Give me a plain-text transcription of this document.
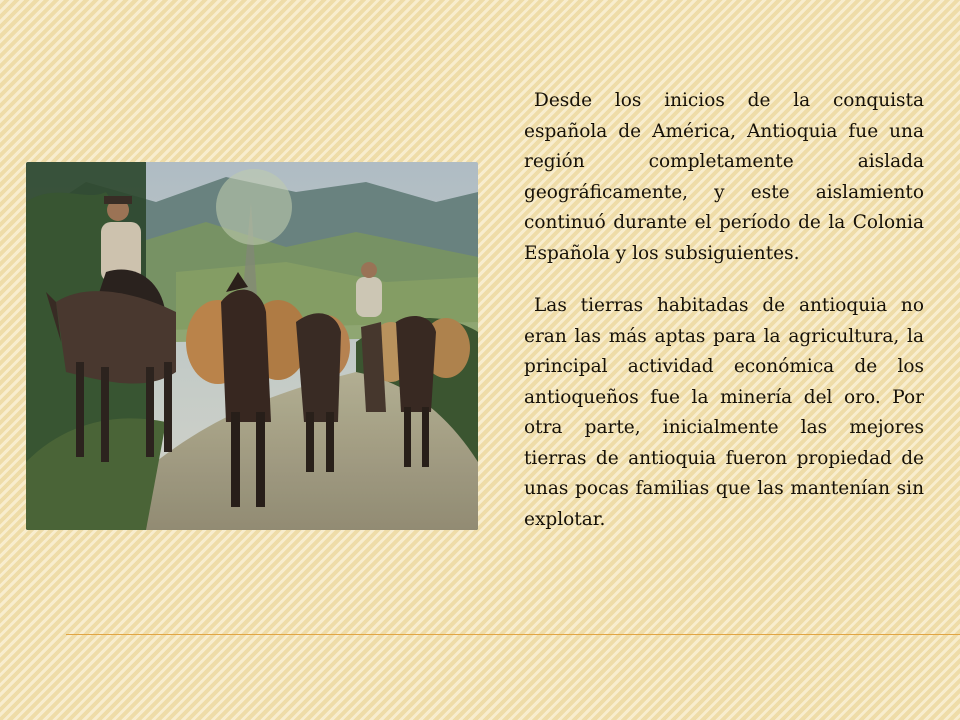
Desde los inicios de la conquista española de América, Antioquia fue una región completamente aislada geográficamente, y este aislamiento continuó durante el período de la Colonia Española y los subsiguientes.

Las tierras habitadas de antioquia no eran las más aptas para la agricultura, la principal actividad económica de los antioqueños fue la minería del oro. Por otra parte, inicialmente las mejores tierras de antioquia fueron propiedad de unas pocas familias que las mantenían sin explotar.
